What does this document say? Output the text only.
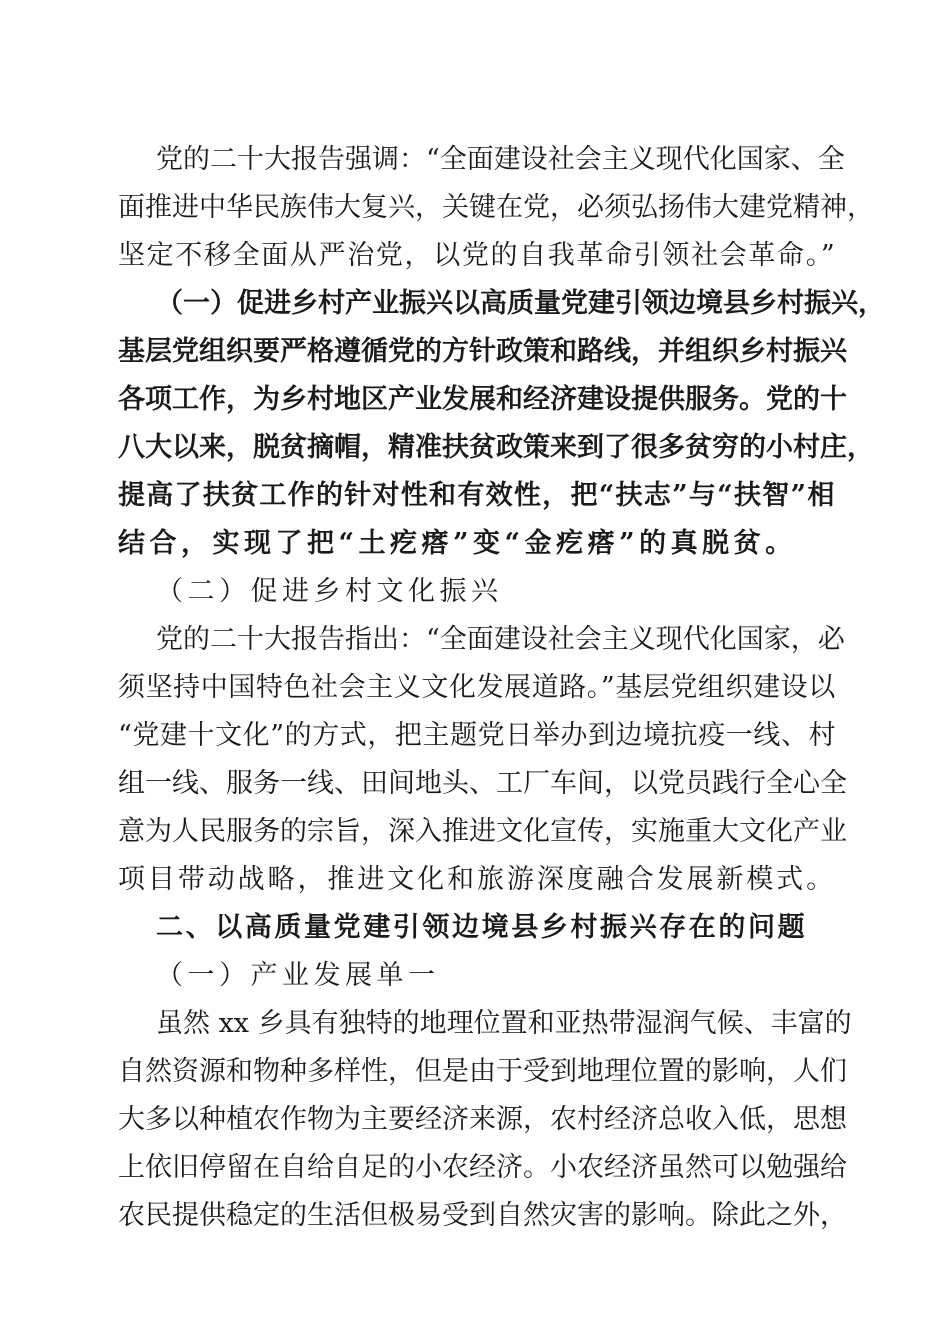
党的二十大报告强调：“全面建设社会主义现代化国家、全
面推进中华民族伟大复兴，关键在党，必须弘扬伟大建党精神，
坚定不移全面从严治党，以党的自我革命引领社会革命。”
（一）促进乡村产业振兴以高质量党建引领边境县乡村振兴，
基层党组织要严格遵循党的方针政策和路线，并组织乡村振兴
各项工作，为乡村地区产业发展和经济建设提供服务。党的十
八大以来，脱贫摘帽，精准扶贫政策来到了很多贫穷的小村庄，
提高了扶贫工作的针对性和有效性，把“扶志”与“扶智”相
结合，实现了把“土疙瘩”变“金疙瘩”的真脱贫。
（二）促进乡村文化振兴
党的二十大报告指出：“全面建设社会主义现代化国家，必
须坚持中国特色社会主义文化发展道路。”基层党组织建设以
“党建十文化”的方式，把主题党日举办到边境抗疫一线、村
组一线、服务一线、田间地头、工厂车间，以党员践行全心全
意为人民服务的宗旨，深入推进文化宣传，实施重大文化产业
项目带动战略，推进文化和旅游深度融合发展新模式。
二、以高质量党建引领边境县乡村振兴存在的问题
（一）产业发展单一
虽然 xx 乡具有独特的地理位置和亚热带湿润气候、丰富的
自然资源和物种多样性，但是由于受到地理位置的影响，人们
大多以种植农作物为主要经济来源，农村经济总收入低，思想
上依旧停留在自给自足的小农经济。小农经济虽然可以勉强给
农民提供稳定的生活但极易受到自然灾害的影响。除此之外，
